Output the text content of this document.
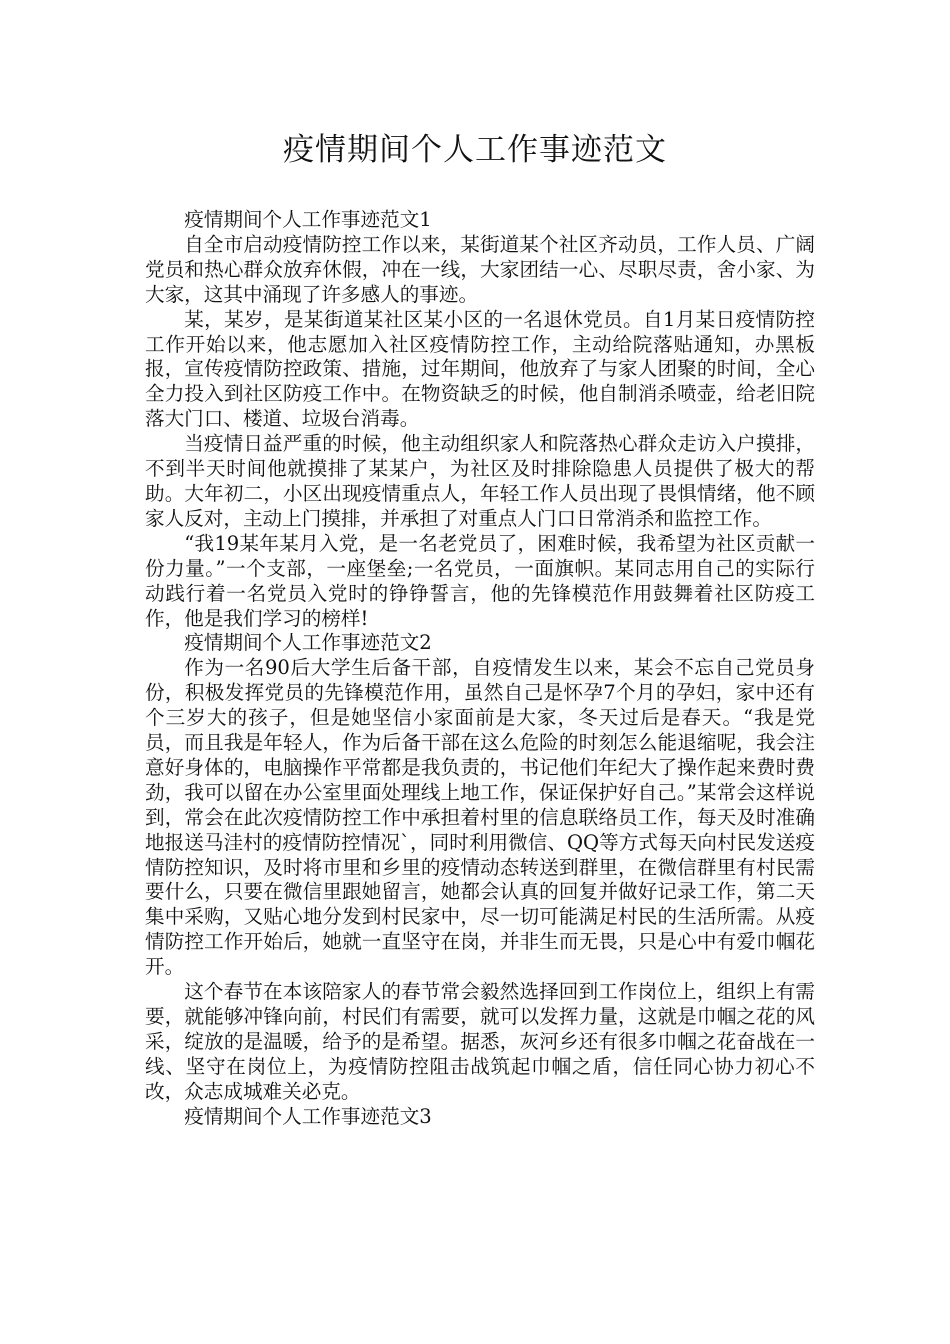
疫情期间个人工作事迹范文

疫情期间个人工作事迹范文1

自全市启动疫情防控工作以来，某街道某个社区齐动员，工作人员、广阔党员和热心群众放弃休假，冲在一线，大家团结一心、尽职尽责，舍小家、为大家，这其中涌现了许多感人的事迹。

某，某岁，是某街道某社区某小区的一名退休党员。自1月某日疫情防控工作开始以来，他志愿加入社区疫情防控工作，主动给院落贴通知，办黑板报，宣传疫情防控政策、措施，过年期间，他放弃了与家人团聚的时间，全心全力投入到社区防疫工作中。在物资缺乏的时候，他自制消杀喷壶，给老旧院落大门口、楼道、垃圾台消毒。

当疫情日益严重的时候，他主动组织家人和院落热心群众走访入户摸排，不到半天时间他就摸排了某某户，为社区及时排除隐患人员提供了极大的帮助。大年初二，小区出现疫情重点人，年轻工作人员出现了畏惧情绪，他不顾家人反对，主动上门摸排，并承担了对重点人门口日常消杀和监控工作。

“我19某年某月入党，是一名老党员了，困难时候，我希望为社区贡献一份力量。”一个支部，一座堡垒;一名党员，一面旗帜。某同志用自己的实际行动践行着一名党员入党时的铮铮誓言，他的先锋模范作用鼓舞着社区防疫工作，他是我们学习的榜样!

疫情期间个人工作事迹范文2

作为一名90后大学生后备干部，自疫情发生以来，某会不忘自己党员身份，积极发挥党员的先锋模范作用，虽然自己是怀孕7个月的孕妇，家中还有个三岁大的孩子，但是她坚信小家面前是大家，冬天过后是春天。“我是党员，而且我是年轻人，作为后备干部在这么危险的时刻怎么能退缩呢，我会注意好身体的，电脑操作平常都是我负责的，书记他们年纪大了操作起来费时费劲，我可以留在办公室里面处理线上地工作，保证保护好自己。”某常会这样说到，常会在此次疫情防控工作中承担着村里的信息联络员工作，每天及时准确地报送马洼村的疫情防控情况`，同时利用微信、QQ等方式每天向村民发送疫情防控知识，及时将市里和乡里的疫情动态转送到群里，在微信群里有村民需要什么，只要在微信里跟她留言，她都会认真的回复并做好记录工作，第二天集中采购，又贴心地分发到村民家中，尽一切可能满足村民的生活所需。从疫情防控工作开始后，她就一直坚守在岗，并非生而无畏，只是心中有爱巾帼花开。

这个春节在本该陪家人的春节常会毅然选择回到工作岗位上，组织上有需要，就能够冲锋向前，村民们有需要，就可以发挥力量，这就是巾帼之花的风采，绽放的是温暖，给予的是希望。据悉，灰河乡还有很多巾帼之花奋战在一线、坚守在岗位上，为疫情防控阻击战筑起巾帼之盾，信任同心协力初心不改，众志成城难关必克。

疫情期间个人工作事迹范文3
